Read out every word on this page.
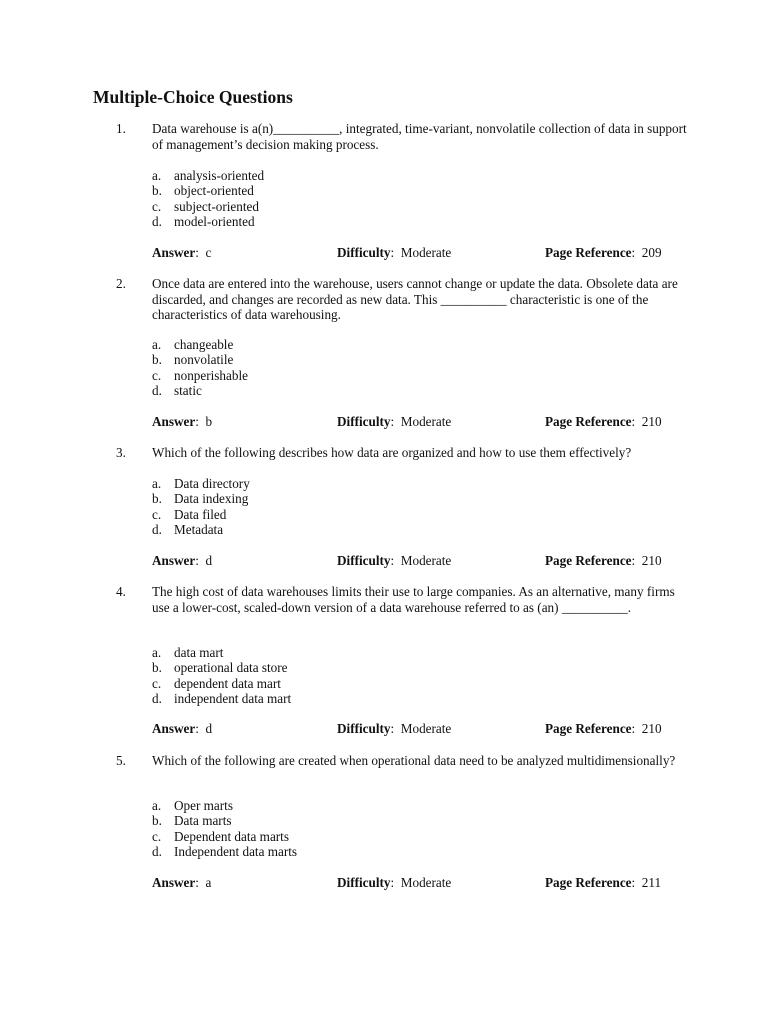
Multiple-Choice Questions
1. Data warehouse is a(n)__________, integrated, time-variant, nonvolatile collection of data in support of management’s decision making process.
a. analysis-oriented
b. object-oriented
c. subject-oriented
d. model-oriented
Answer:  c	Difficulty:  Moderate	Page Reference:  209
2. Once data are entered into the warehouse, users cannot change or update the data. Obsolete data are discarded, and changes are recorded as new data. This __________ characteristic is one of the characteristics of data warehousing.
a. changeable
b. nonvolatile
c. nonperishable
d. static
Answer:  b	Difficulty:  Moderate	Page Reference:  210
3. Which of the following describes how data are organized and how to use them effectively?
a. Data directory
b. Data indexing
c. Data filed
d. Metadata
Answer:  d	Difficulty:  Moderate	Page Reference:  210
4. The high cost of data warehouses limits their use to large companies. As an alternative, many firms use a lower-cost, scaled-down version of a data warehouse referred to as (an) __________.
a. data mart
b. operational data store
c. dependent data mart
d. independent data mart
Answer:  d	Difficulty:  Moderate	Page Reference:  210
5. Which of the following are created when operational data need to be analyzed multidimensionally?
a. Oper marts
b. Data marts
c. Dependent data marts
d. Independent data marts
Answer:  a	Difficulty:  Moderate	Page Reference:  211
